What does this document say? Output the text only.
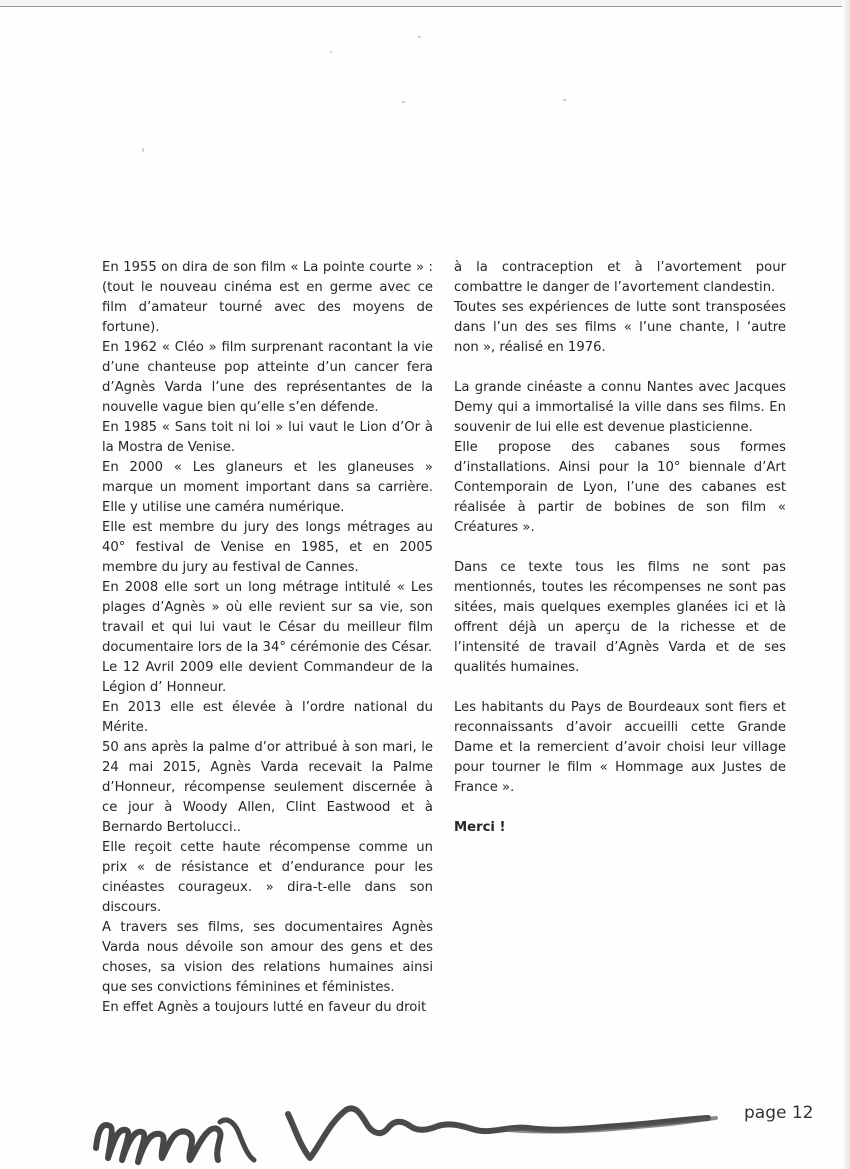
En 1955 on dira de son film « La pointe courte » : (tout le nouveau cinéma est en germe avec ce film d’amateur tourné avec des moyens de fortune).

En 1962 « Cléo » film surprenant racontant la vie d’une chanteuse pop atteinte d’un cancer fera d’Agnès Varda l’une des représentantes de la nouvelle vague bien qu’elle s’en défende.

En 1985 « Sans toit ni loi » lui vaut le Lion d’Or à la Mostra de Venise.

En 2000 « Les glaneurs et les glaneuses » marque un moment important dans sa carrière. Elle y utilise une caméra numérique.

Elle est membre du jury des longs métrages au 40° festival de Venise en 1985, et en 2005 membre du jury au festival de Cannes.

En 2008 elle sort un long métrage intitulé « Les plages d’Agnès » où elle revient sur sa vie, son travail et qui lui vaut le César du meilleur film documentaire lors de la 34° cérémonie des César.

Le 12 Avril 2009 elle devient Commandeur de la Légion d’ Honneur.

En 2013 elle est élevée à l’ordre national du Mérite.

50 ans après la palme d’or attribué à son mari, le 24 mai 2015, Agnès Varda recevait la Palme d’Honneur, récompense seulement discernée à ce jour à Woody Allen, Clint Eastwood et à Bernardo Bertolucci..

Elle reçoit cette haute récompense comme un prix « de résistance et d’endurance pour les cinéastes courageux. » dira-t-elle dans son discours.

A travers ses films, ses documentaires Agnès Varda nous dévoile son amour des gens et des choses, sa vision des relations humaines ainsi que ses convictions féminines et féministes.

En effet Agnès a toujours lutté en faveur du droit

à la contraception et à l’avortement pour combattre le danger de l’avortement clandestin.

Toutes ses expériences de lutte sont transposées dans l’un des ses films « l’une chante, l ‘autre non », réalisé en 1976.

La grande cinéaste a connu Nantes avec Jacques Demy qui a immortalisé la ville dans ses films. En souvenir de lui elle est devenue plasticienne.

Elle propose des cabanes sous formes d’installations. Ainsi pour la 10° biennale d’Art Contemporain de Lyon, l’une des cabanes est réalisée à partir de bobines de son film « Créatures ».

Dans ce texte tous les films ne sont pas mentionnés, toutes les récompenses ne sont pas sitées, mais quelques exemples glanées ici et là offrent déjà un aperçu de la richesse et de l’intensité de travail d’Agnès Varda et de ses qualités humaines.

Les habitants du Pays de Bourdeaux sont fiers et reconnaissants d’avoir accueilli cette Grande Dame et la remercient d’avoir choisi leur village pour tourner le film « Hommage aux Justes de France ».

Merci !

page 12
